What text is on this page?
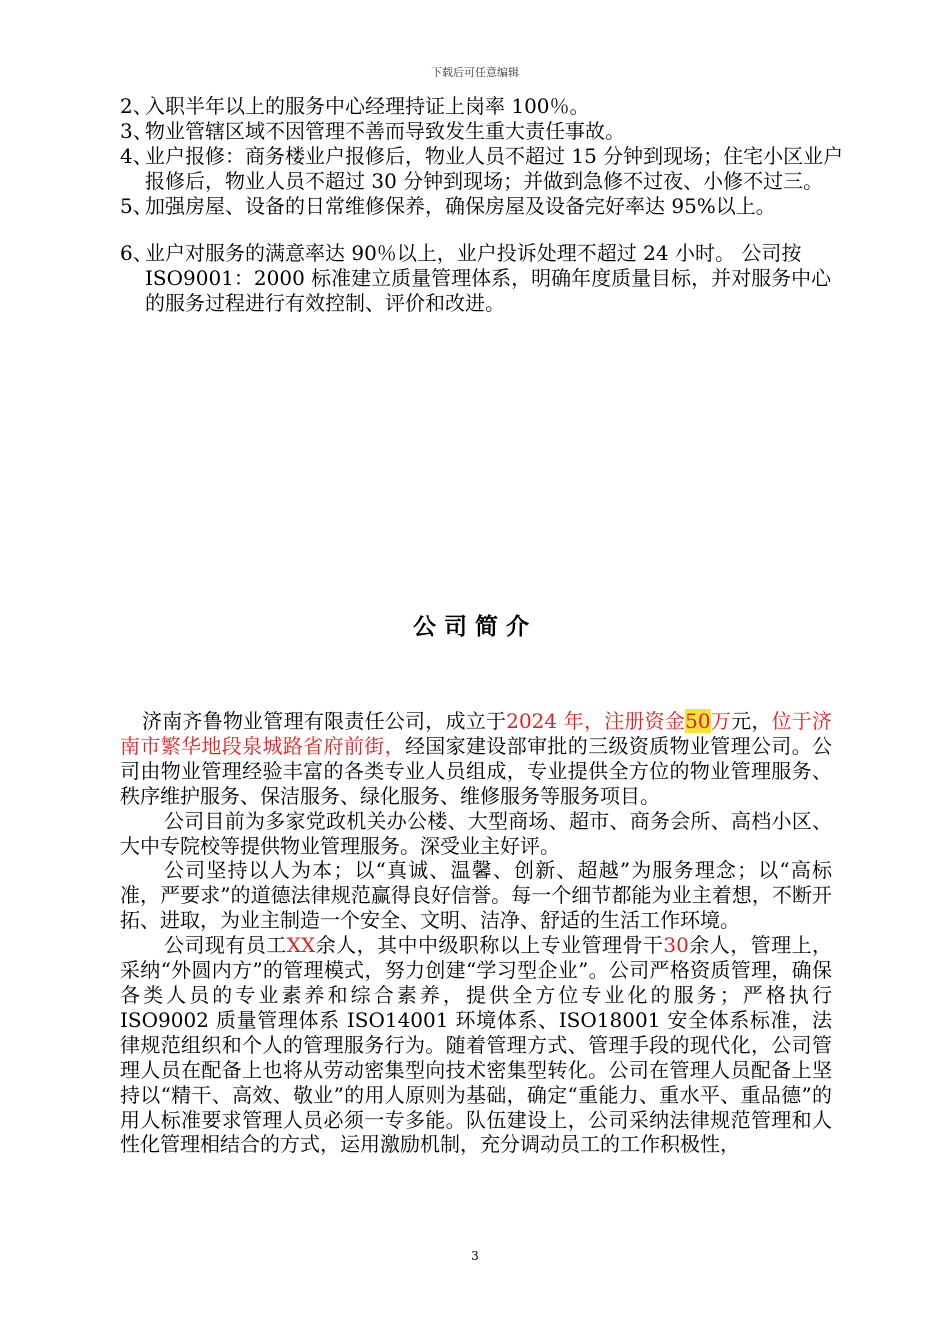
下载后可任意编辑
2、
入职半年以上的服务中心经理持证上岗率 100％。
3、
物业管辖区域不因管理不善而导致发生重大责任事故。
4、
业户报修：商务楼业户报修后，物业人员不超过 15 分钟到现场；住宅小区业户报修后，物业人员不超过 30 分钟到现场；并做到急修不过夜、小修不过三。
5、
加强房屋、设备的日常维修保养，确保房屋及设备完好率达 95%以上。
6、
业户对服务的满意率达 90％以上，业户投诉处理不超过 24 小时。 公司按 ISO9001：2000 标准建立质量管理体系，明确年度质量目标，并对服务中心的服务过程进行有效控制、评价和改进。
公司简介

济南齐鲁物业管理有限责任公司，成立于2024 年，注册资金50万元，位于济南市繁华地段泉城路省府前街，经国家建设部审批的三级资质物业管理公司。公司由物业管理经验丰富的各类专业人员组成，专业提供全方位的物业管理服务、秩序维护服务、保洁服务、绿化服务、维修服务等服务项目。

公司目前为多家党政机关办公楼、大型商场、超市、商务会所、高档小区、大中专院校等提供物业管理服务。深受业主好评。

公司坚持以人为本；以“真诚、温馨、创新、超越”为服务理念；以“高标准，严要求”的道德法律规范赢得良好信誉。每一个细节都能为业主着想，不断开拓、进取，为业主制造一个安全、文明、洁净、舒适的生活工作环境。

公司现有员工XX余人，其中中级职称以上专业管理骨干30余人，管理上，采纳“外圆内方”的管理模式，努力创建“学习型企业”。公司严格资质管理，确保各类人员的专业素养和综合素养，提供全方位专业化的服务；严格执行 ISO9002 质量管理体系 ISO14001 环境体系、ISO18001 安全体系标准，法律规范组织和个人的管理服务行为。随着管理方式、管理手段的现代化，公司管理人员在配备上也将从劳动密集型向技术密集型转化。公司在管理人员配备上坚持以“精干、高效、敬业”的用人原则为基础，确定“重能力、重水平、重品德”的用人标准要求管理人员必须一专多能。队伍建设上，公司采纳法律规范管理和人性化管理相结合的方式，运用激励机制，充分调动员工的工作积极性，

3
